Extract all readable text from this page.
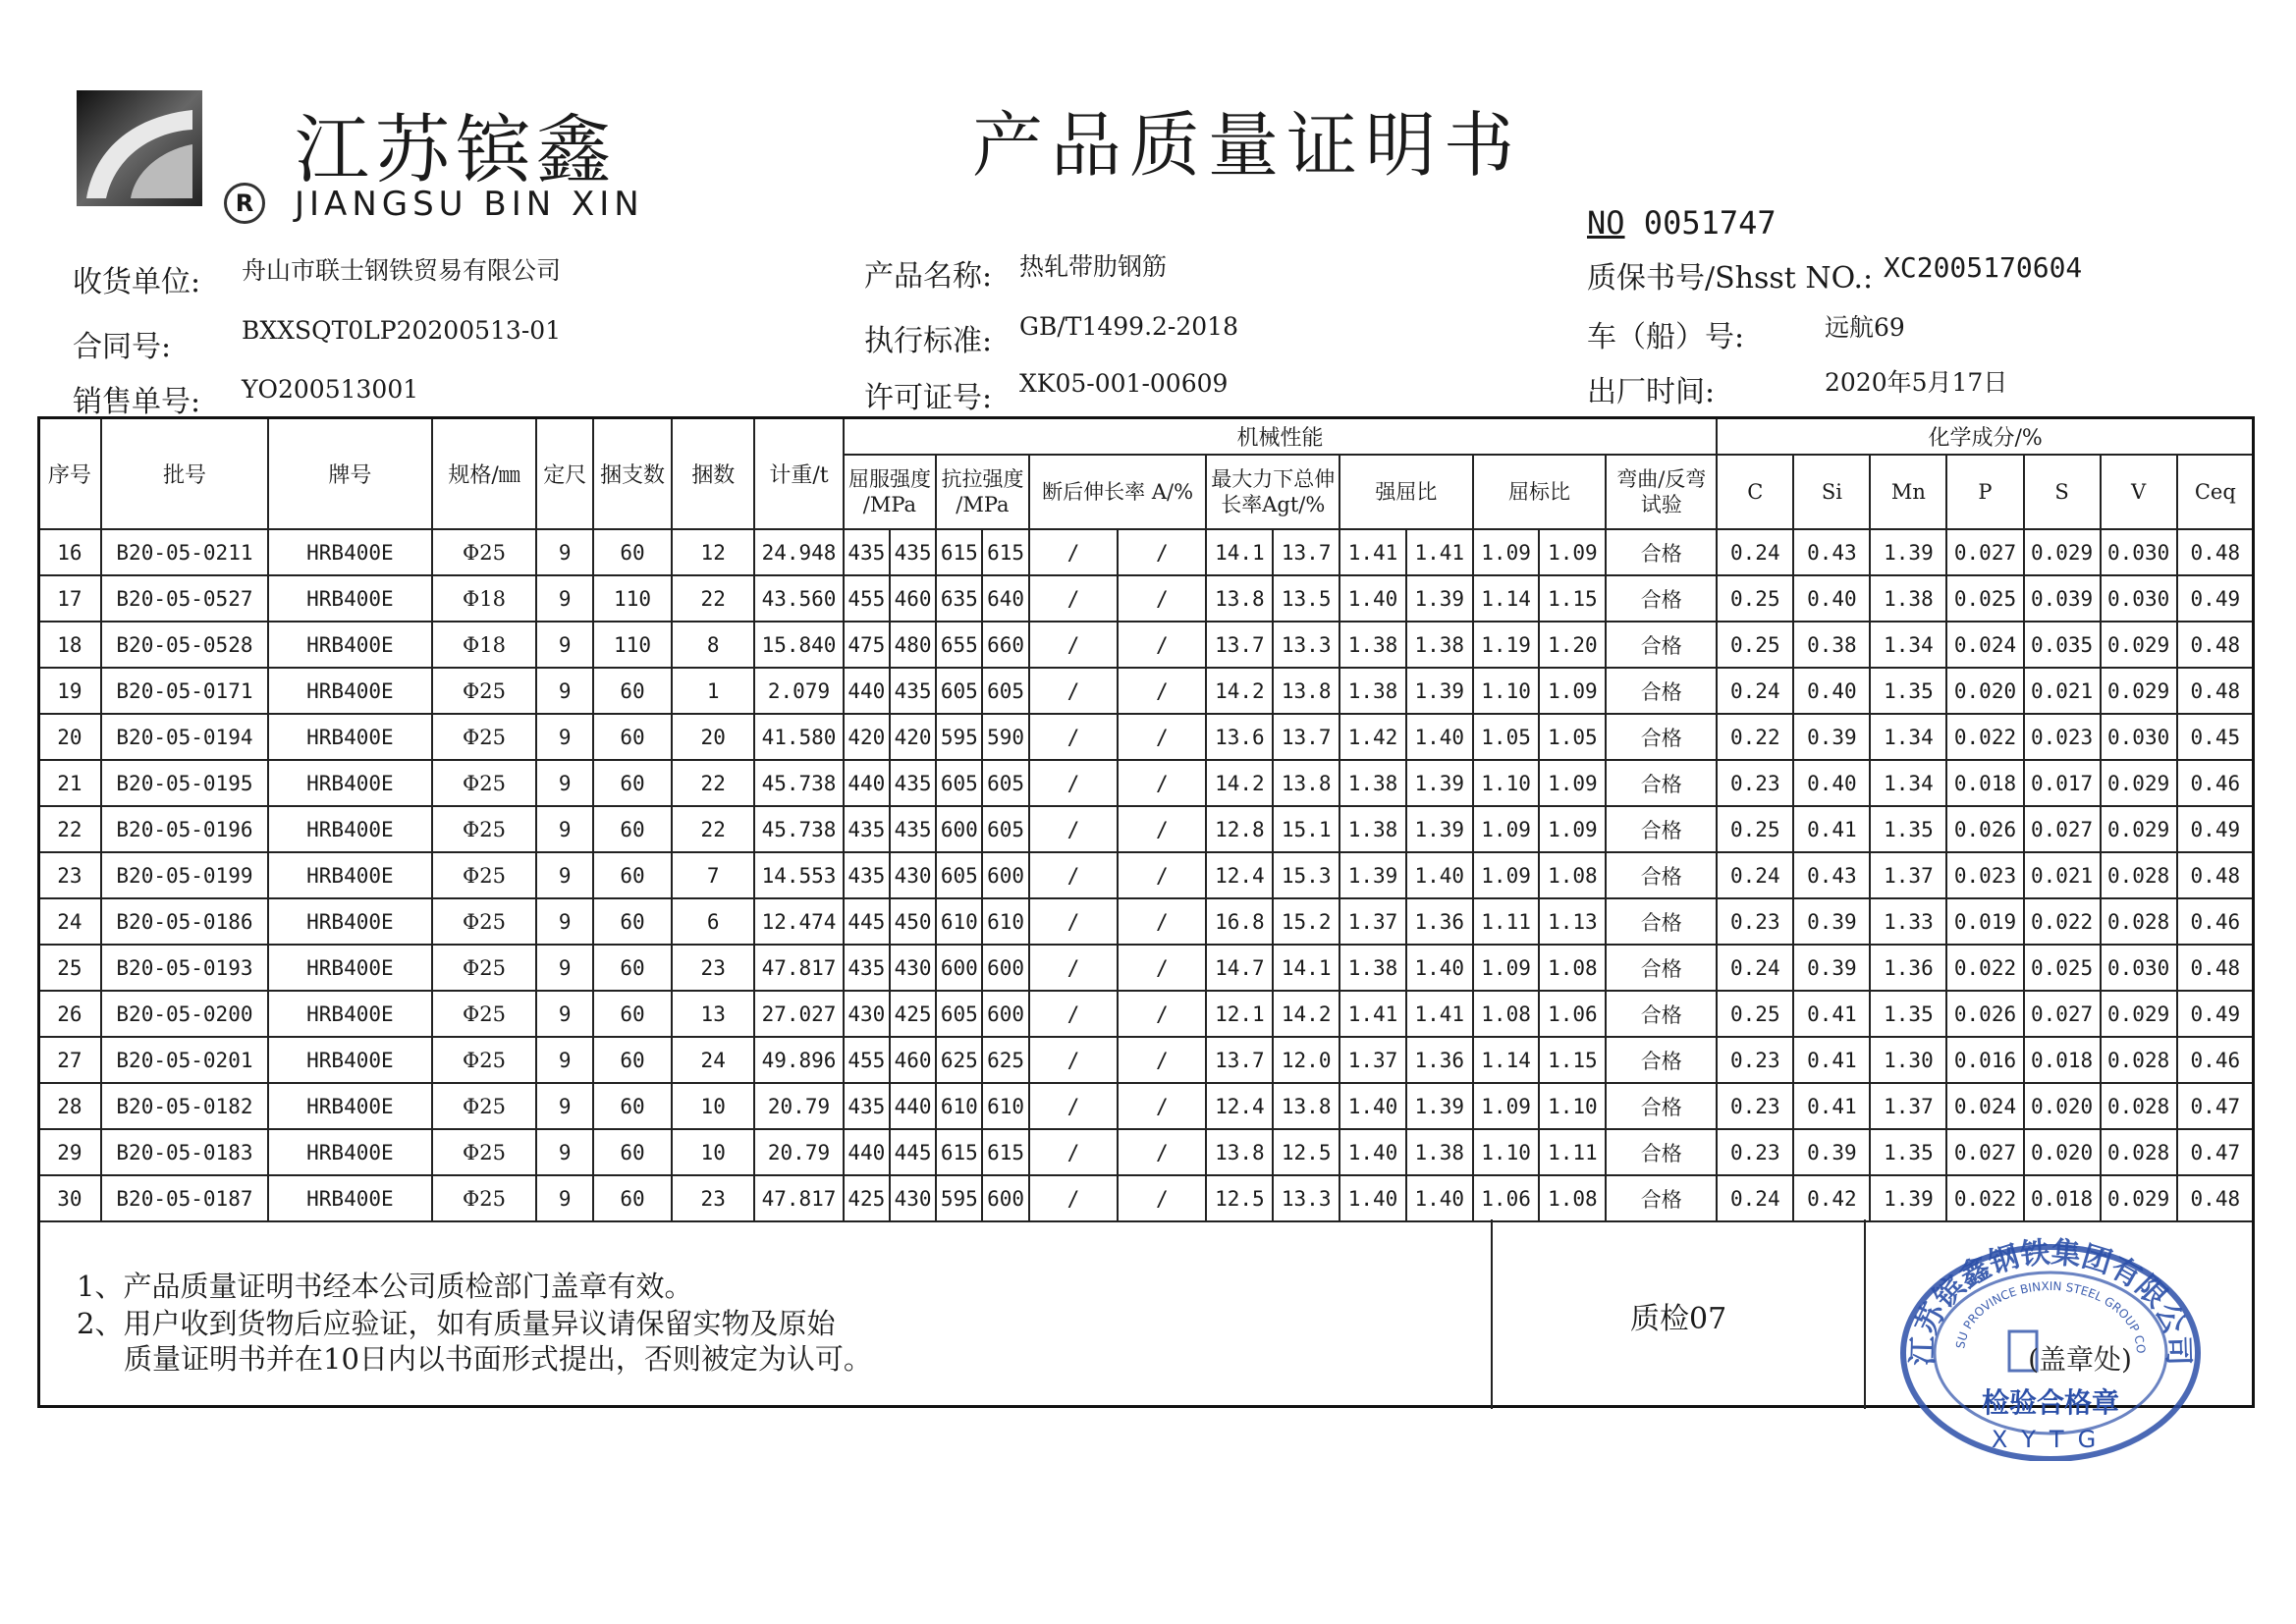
江苏镔鑫
R	JIANGSU BIN XIN
产品质量证明书
NO 0051747
收货单位: 舟山市联士钢铁贸易有限公司
合同号:	BXXSQT0LP20200513-01
销售单号: YO200513001
产品名称: 热轧带肋钢筋
执行标准: GB/T1499.2-2018
许可证号: XK05-001-00609
质保书号/Shsst NO.: XC2005170604
车（船）号:	远航69
出厂时间:	2020年5月17日
序号	批号	牌号	规格/㎜	定尺	捆支数	捆数	计重/t	机械性能													化学成分/%						
								屈服强度 /MPa		抗拉强度 /MPa		断后伸长率 A/%		最大力下总伸长率Agt/%		强屈比		屈标比		弯曲/反弯试验	C	Si	Mn	P	S	V	Ceq
16	B20-05-0211	HRB400E	Φ25	9	60	12	24.948	435	435	615	615	/	/	14.1	13.7	1.41	1.41	1.09	1.09	合格	0.24	0.43	1.39	0.027	0.029	0.030	0.48
17	B20-05-0527	HRB400E	Φ18	9	110	22	43.560	455	460	635	640	/	/	13.8	13.5	1.40	1.39	1.14	1.15	合格	0.25	0.40	1.38	0.025	0.039	0.030	0.49
18	B20-05-0528	HRB400E	Φ18	9	110	8	15.840	475	480	655	660	/	/	13.7	13.3	1.38	1.38	1.19	1.20	合格	0.25	0.38	1.34	0.024	0.035	0.029	0.48
19	B20-05-0171	HRB400E	Φ25	9	60	1	2.079	440	435	605	605	/	/	14.2	13.8	1.38	1.39	1.10	1.09	合格	0.24	0.40	1.35	0.020	0.021	0.029	0.48
20	B20-05-0194	HRB400E	Φ25	9	60	20	41.580	420	420	595	590	/	/	13.6	13.7	1.42	1.40	1.05	1.05	合格	0.22	0.39	1.34	0.022	0.023	0.030	0.45
21	B20-05-0195	HRB400E	Φ25	9	60	22	45.738	440	435	605	605	/	/	14.2	13.8	1.38	1.39	1.10	1.09	合格	0.23	0.40	1.34	0.018	0.017	0.029	0.46
22	B20-05-0196	HRB400E	Φ25	9	60	22	45.738	435	435	600	605	/	/	12.8	15.1	1.38	1.39	1.09	1.09	合格	0.25	0.41	1.35	0.026	0.027	0.029	0.49
23	B20-05-0199	HRB400E	Φ25	9	60	7	14.553	435	430	605	600	/	/	12.4	15.3	1.39	1.40	1.09	1.08	合格	0.24	0.43	1.37	0.023	0.021	0.028	0.48
24	B20-05-0186	HRB400E	Φ25	9	60	6	12.474	445	450	610	610	/	/	16.8	15.2	1.37	1.36	1.11	1.13	合格	0.23	0.39	1.33	0.019	0.022	0.028	0.46
25	B20-05-0193	HRB400E	Φ25	9	60	23	47.817	435	430	600	600	/	/	14.7	14.1	1.38	1.40	1.09	1.08	合格	0.24	0.39	1.36	0.022	0.025	0.030	0.48
26	B20-05-0200	HRB400E	Φ25	9	60	13	27.027	430	425	605	600	/	/	12.1	14.2	1.41	1.41	1.08	1.06	合格	0.25	0.41	1.35	0.026	0.027	0.029	0.49
27	B20-05-0201	HRB400E	Φ25	9	60	24	49.896	455	460	625	625	/	/	13.7	12.0	1.37	1.36	1.14	1.15	合格	0.23	0.41	1.30	0.016	0.018	0.028	0.46
28	B20-05-0182	HRB400E	Φ25	9	60	10	20.79	435	440	610	610	/	/	12.4	13.8	1.40	1.39	1.09	1.10	合格	0.23	0.41	1.37	0.024	0.020	0.028	0.47
29	B20-05-0183	HRB400E	Φ25	9	60	10	20.79	440	445	615	615	/	/	13.8	12.5	1.40	1.38	1.10	1.11	合格	0.23	0.39	1.35	0.027	0.020	0.028	0.47
30	B20-05-0187	HRB400E	Φ25	9	60	23	47.817	425	430	595	600	/	/	12.5	13.3	1.40	1.40	1.06	1.08	合格	0.24	0.42	1.39	0.022	0.018	0.029	0.48
1、产品质量证明书经本公司质检部门盖章有效。
2、用户收到货物后应验证，如有质量异议请保留实物及原始
质量证明书并在10日内以书面形式提出，否则被定为认可。
质检07
江苏镔鑫钢铁集团有限公司
SU PROVINCE BINXIN STEEL GROUP CO
(盖章处)
检验合格章
XYTG
